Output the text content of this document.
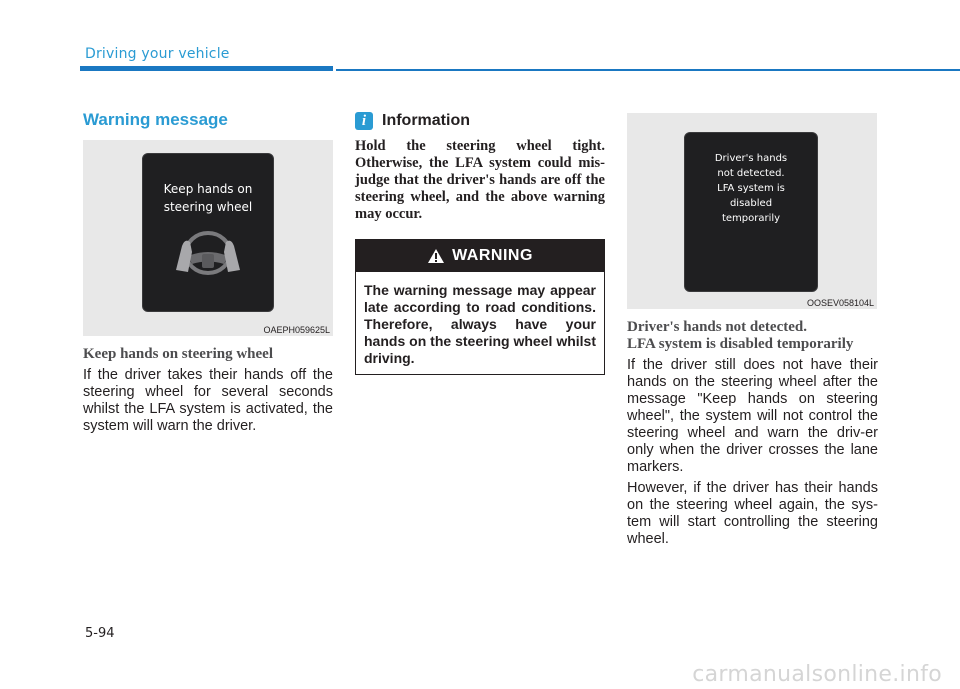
Driving your vehicle
Warning message
Keep hands on
steering wheel
OAEPH059625L
Keep hands on steering wheel

If the driver takes their hands off the steering wheel for several seconds whilst the LFA system is activated, the system will warn the driver.

i Information
Hold the steering wheel tight. Otherwise, the LFA system could mis-judge that the driver's hands are off the steering wheel, and the above warning may occur.
WARNING
The warning message may appear late according to road conditions. Therefore, always have your hands on the steering wheel whilst driving.
Driver's hands
not detected.
LFA system is
disabled
temporarily
OOSEV058104L
Driver's hands not detected.
LFA system is disabled temporarily

If the driver still does not have their hands on the steering wheel after the message "Keep hands on steering wheel", the system will not control the steering wheel and warn the driv-er only when the driver crosses the lane markers.

However, if the driver has their hands on the steering wheel again, the sys-tem will start controlling the steering wheel.

5-94
carmanualsonline.info
